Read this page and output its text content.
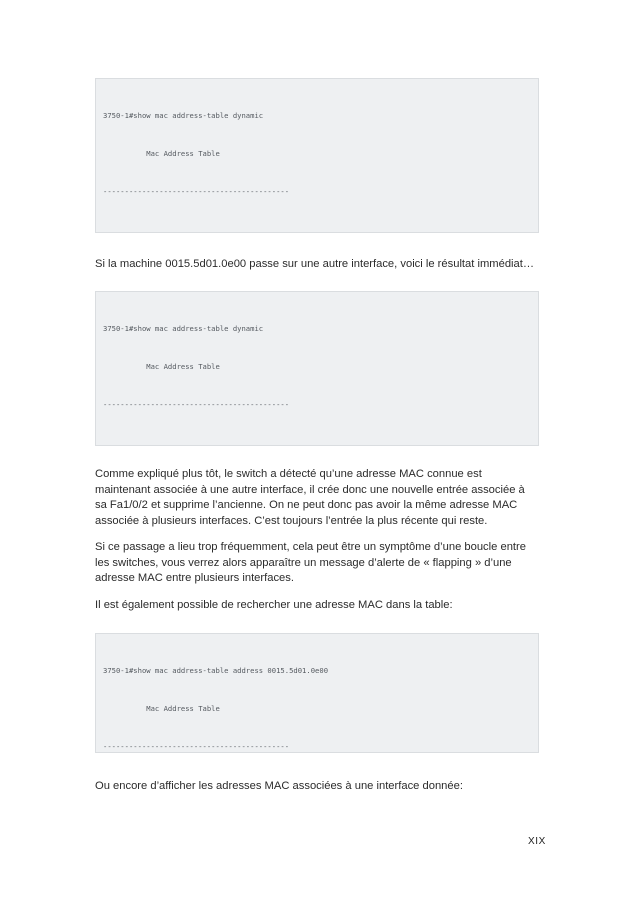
3750-1#show mac address-table dynamic

Mac Address Table

-------------------------------------------

Si la machine 0015.5d01.0e00 passe sur une autre interface, voici le résultat immédiat…

3750-1#show mac address-table dynamic

Mac Address Table

-------------------------------------------

Comme expliqué plus tôt, le switch a détecté qu’une adresse MAC connue est
maintenant associée à une autre interface, il crée donc une nouvelle entrée associée à
sa Fa1/0/2 et supprime l’ancienne. On ne peut donc pas avoir la même adresse MAC
associée à plusieurs interfaces. C’est toujours l’entrée la plus récente qui reste.
Si ce passage a lieu trop fréquemment, cela peut être un symptôme d’une boucle entre
les switches, vous verrez alors apparaître un message d’alerte de « flapping » d’une
adresse MAC entre plusieurs interfaces.
Il est également possible de rechercher une adresse MAC dans la table:

3750-1#show mac address-table address 0015.5d01.0e00

Mac Address Table

-------------------------------------------

Ou encore d’afficher les adresses MAC associées à une interface donnée:
XIX
